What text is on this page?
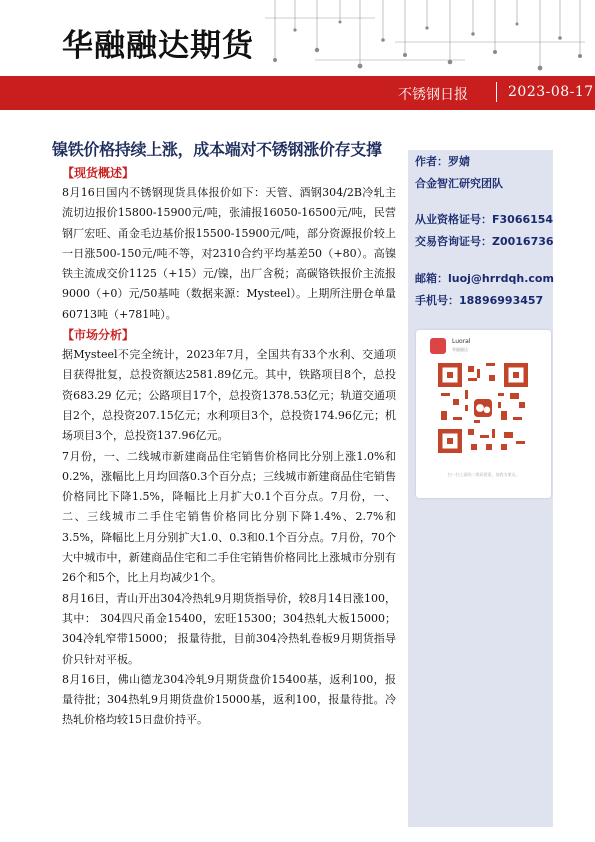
华融融达期货
不锈钢日报	2023-08-17
镍铁价格持续上涨，成本端对不锈钢涨价存支撑
作者：罗婧
合金智汇研究团队
从业资格证号：F3066154
交易咨询证号：Z0016736
邮箱：luoj@hrrdqh.com
手机号：18896993457
Luoral
华融融达
扫一扫上面的二维码图案，加我为朋友。
【现货概述】

8月16日国内不锈钢现货具体报价如下：天管、酒钢304/2B冷轧主流切边报价15800-15900元/吨，张浦报16050-16500元/吨，民营钢厂宏旺、甬金毛边基价报15500-15900元/吨，部分资源报价较上一日涨500-150元/吨不等，对2310合约平均基差50（+80）。高镍铁主流成交价1125（+15）元/镍，出厂含税；高碳铬铁报价主流报9000（+0）元/50基吨（数据来源：Mysteel）。上期所注册仓单量60713吨（+781吨）。

【市场分析】

据Mysteel不完全统计，2023年7月，全国共有33个水利、交通项目获得批复，总投资额达2581.89亿元。其中，铁路项目8个，总投资683.29 亿元；公路项目17个，总投资1378.53亿元；轨道交通项目2个，总投资207.15亿元；水利项目3个，总投资174.96亿元；机场项目3个，总投资137.96亿元。

7月份，一、二线城市新建商品住宅销售价格同比分别上涨1.0%和0.2%，涨幅比上月均回落0.3个百分点；三线城市新建商品住宅销售价格同比下降1.5%，降幅比上月扩大0.1个百分点。7月份，一、二、三线城市二手住宅销售价格同比分别下降1.4%、2.7%和3.5%，降幅比上月分别扩大1.0、0.3和0.1个百分点。7月份，70个大中城市中，新建商品住宅和二手住宅销售价格同比上涨城市分别有26个和5个，比上月均减少1个。

8月16日，青山开出304冷热轧9月期货指导价，较8月14日涨100，其中： 304四尺甬金15400，宏旺15300；304热轧大板15000；304冷轧窄带15000； 报量待批，目前304冷热轧卷板9月期货指导价只针对平板。

8月16日，佛山德龙304冷轧9月期货盘价15400基，返利100，报量待批；304热轧9月期货盘价15000基，返利100，报量待批。冷热轧价格均较15日盘价持平。
